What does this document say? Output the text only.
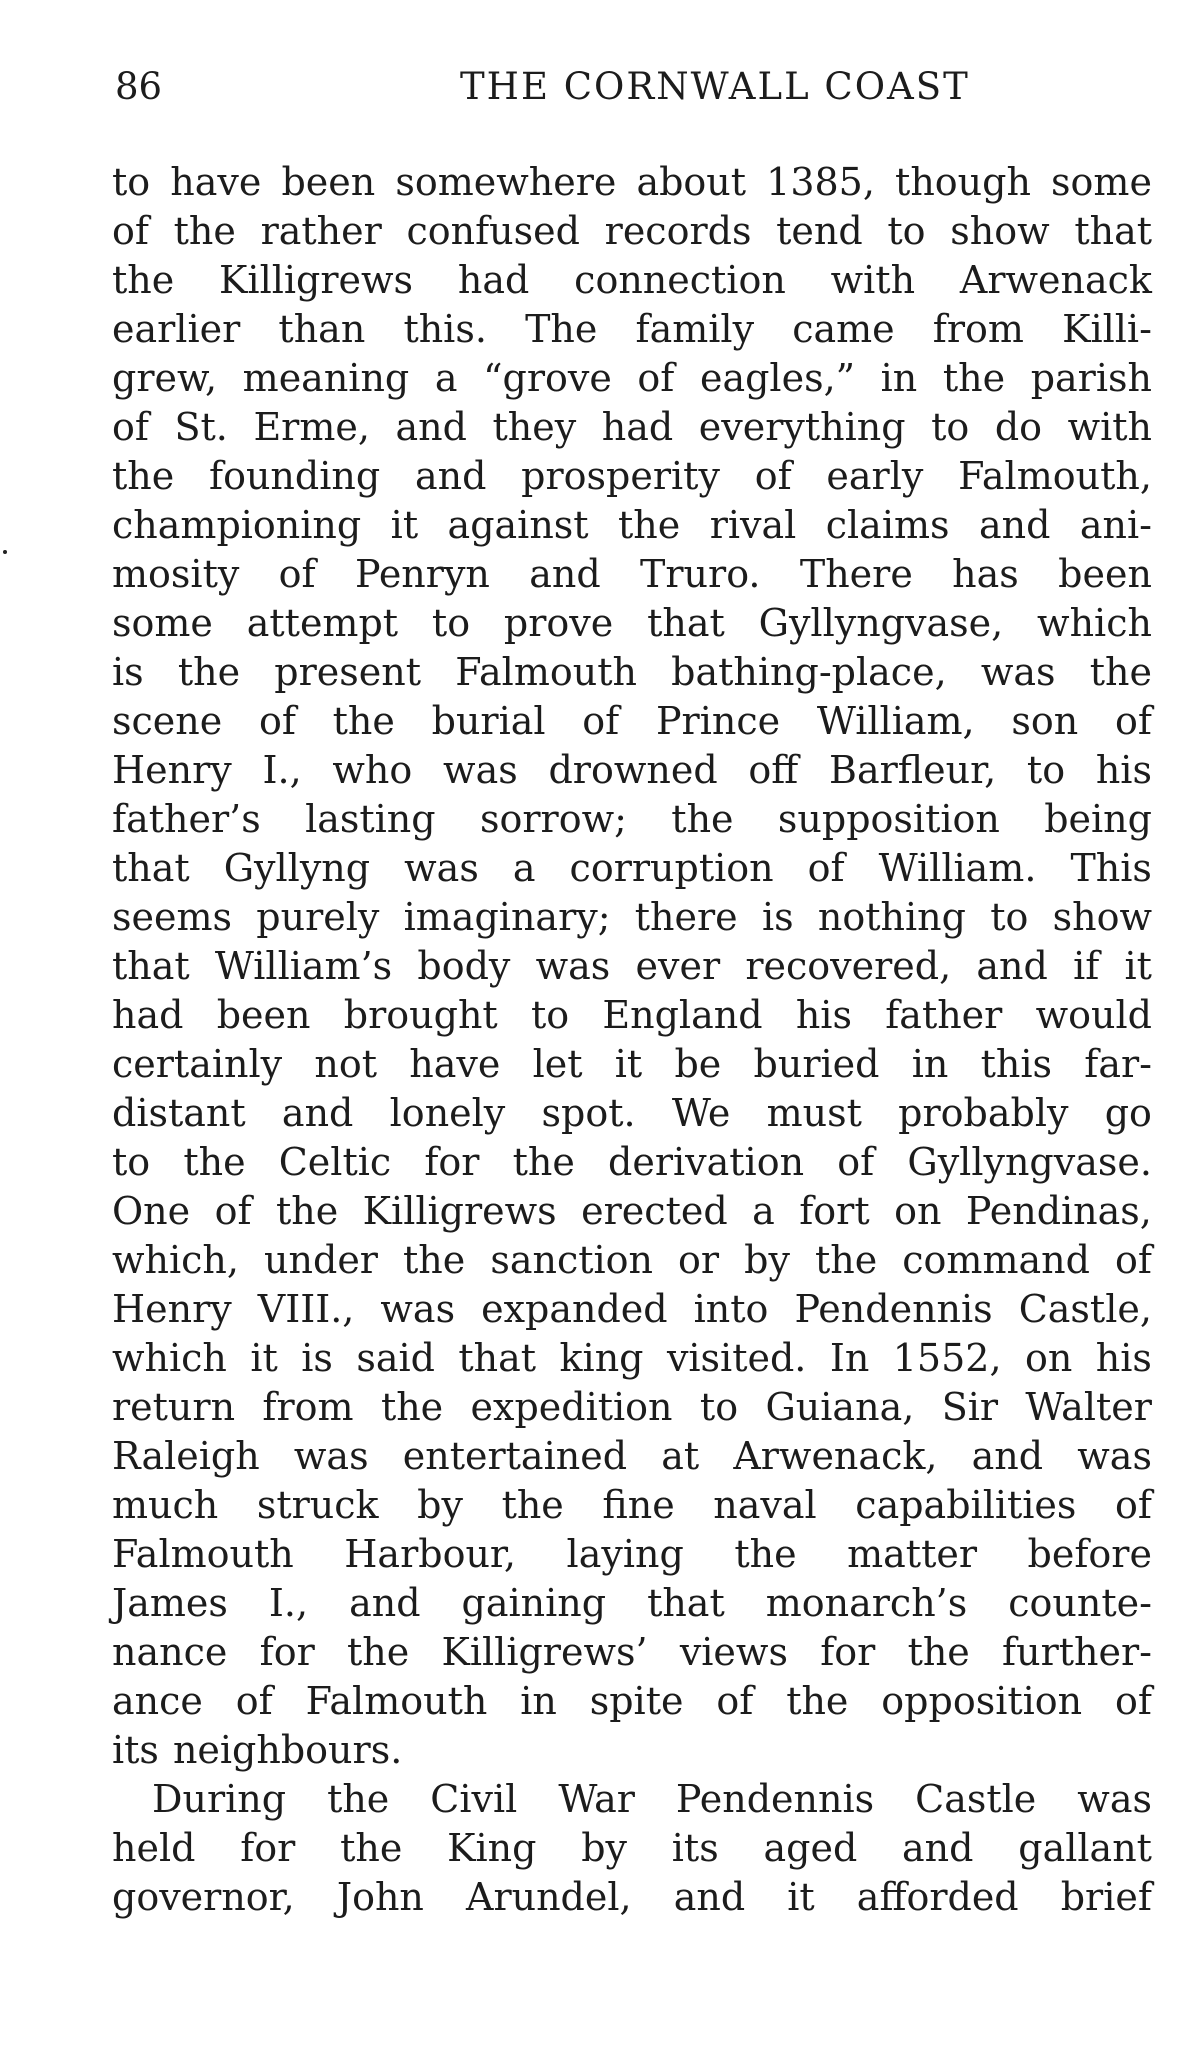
86	THE CORNWALL COAST
to have been somewhere about 1385, though some
of the rather confused records tend to show that
the Killigrews had connection with Arwenack
earlier than this. The family came from Killi-
grew, meaning a “grove of eagles,” in the parish
of St. Erme, and they had everything to do with
the founding and prosperity of early Falmouth,
championing it against the rival claims and ani-
mosity of Penryn and Truro. There has been
some attempt to prove that Gyllyngvase, which
is the present Falmouth bathing-place, was the
scene of the burial of Prince William, son of
Henry I., who was drowned off Barfleur, to his
father’s lasting sorrow; the supposition being
that Gyllyng was a corruption of William. This
seems purely imaginary; there is nothing to show
that William’s body was ever recovered, and if it
had been brought to England his father would
certainly not have let it be buried in this far-
distant and lonely spot. We must probably go
to the Celtic for the derivation of Gyllyngvase.
One of the Killigrews erected a fort on Pendinas,
which, under the sanction or by the command of
Henry VIII., was expanded into Pendennis Castle,
which it is said that king visited. In 1552, on his
return from the expedition to Guiana, Sir Walter
Raleigh was entertained at Arwenack, and was
much struck by the fine naval capabilities of
Falmouth Harbour, laying the matter before
James I., and gaining that monarch’s counte-
nance for the Killigrews’ views for the further-
ance of Falmouth in spite of the opposition of
its neighbours.
During the Civil War Pendennis Castle was
held for the King by its aged and gallant
governor, John Arundel, and it afforded brief
